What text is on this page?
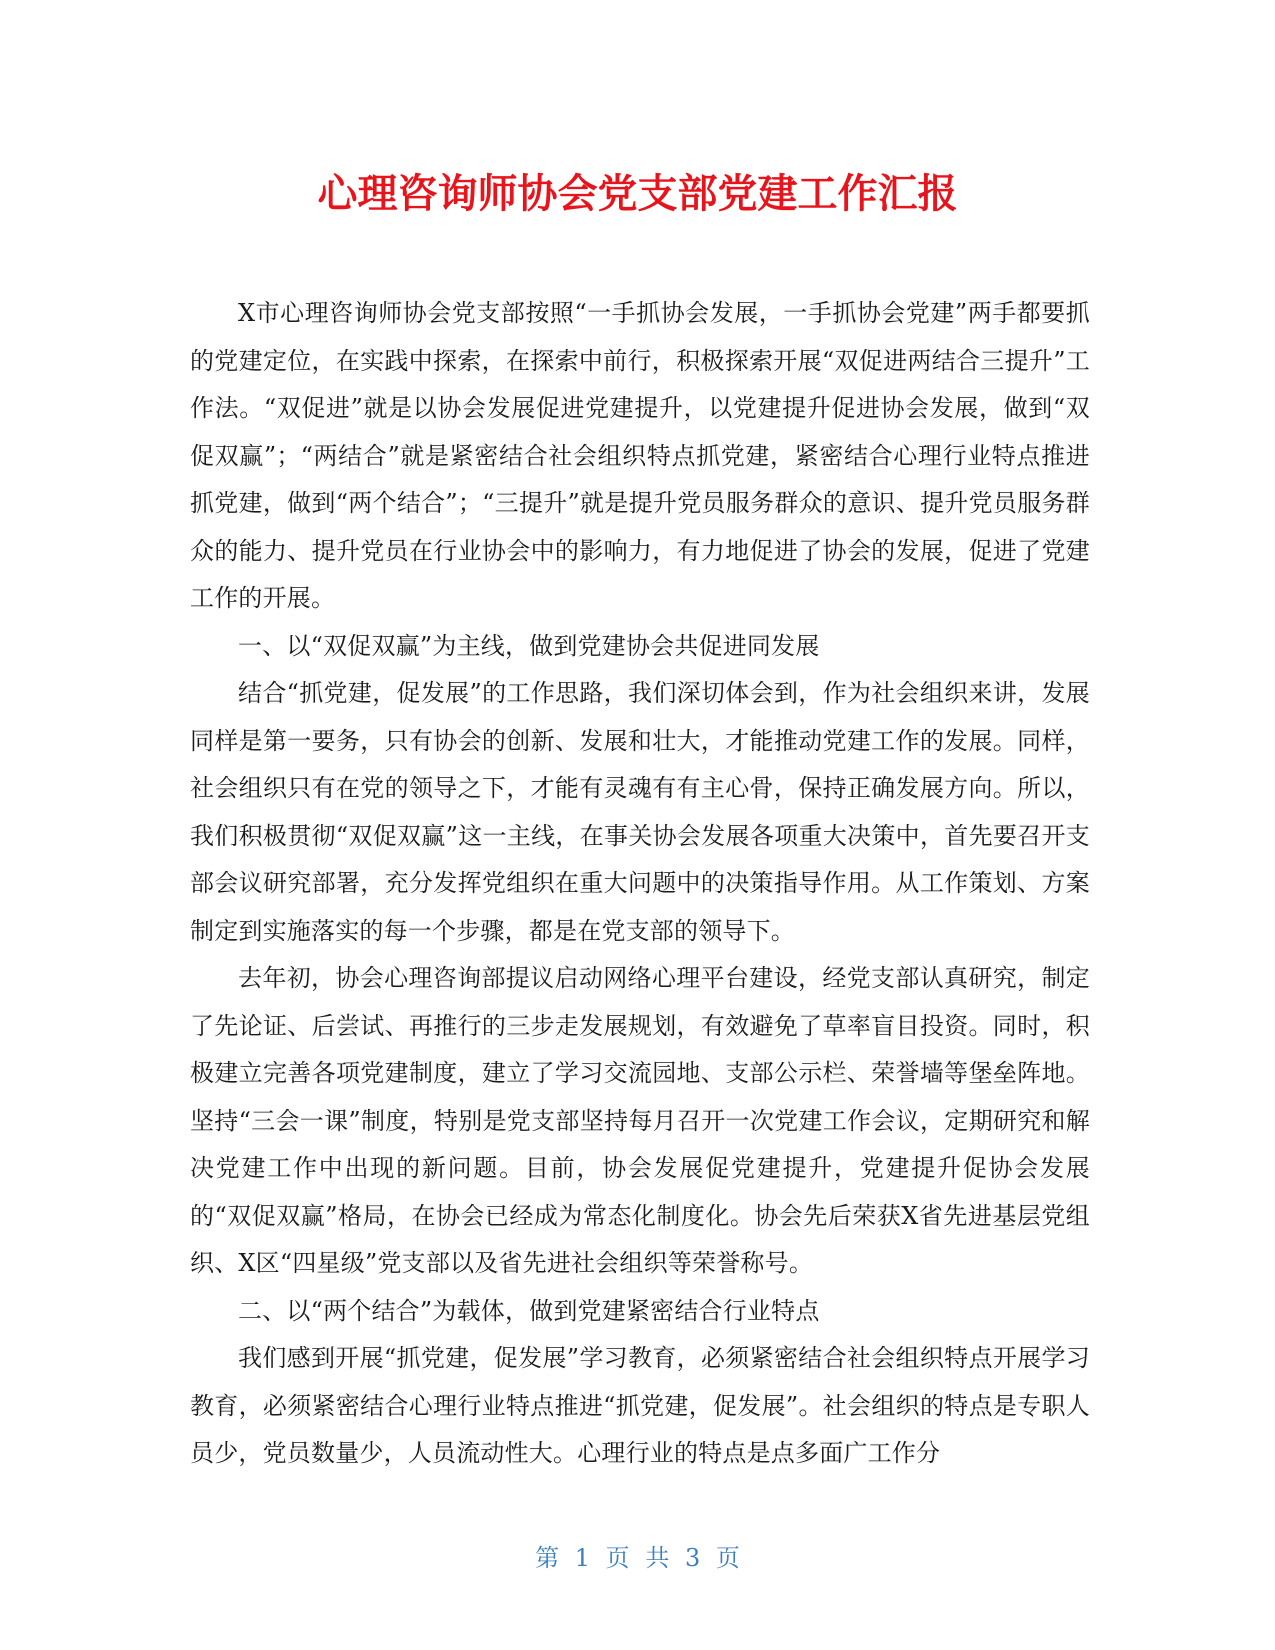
心理咨询师协会党支部党建工作汇报

X市心理咨询师协会党支部按照“一手抓协会发展，一手抓协会党建”两手都要抓的党建定位，在实践中探索，在探索中前行，积极探索开展“双促进两结合三提升”工作法。“双促进”就是以协会发展促进党建提升，以党建提升促进协会发展，做到“双促双赢”；“两结合”就是紧密结合社会组织特点抓党建，紧密结合心理行业特点推进抓党建，做到“两个结合”；“三提升”就是提升党员服务群众的意识、提升党员服务群众的能力、提升党员在行业协会中的影响力，有力地促进了协会的发展，促进了党建工作的开展。

一、以“双促双赢”为主线，做到党建协会共促进同发展

结合“抓党建，促发展”的工作思路，我们深切体会到，作为社会组织来讲，发展同样是第一要务，只有协会的创新、发展和壮大，才能推动党建工作的发展。同样，社会组织只有在党的领导之下，才能有灵魂有有主心骨，保持正确发展方向。所以，我们积极贯彻“双促双赢”这一主线，在事关协会发展各项重大决策中，首先要召开支部会议研究部署，充分发挥党组织在重大问题中的决策指导作用。从工作策划、方案制定到实施落实的每一个步骤，都是在党支部的领导下。

去年初，协会心理咨询部提议启动网络心理平台建设，经党支部认真研究，制定了先论证、后尝试、再推行的三步走发展规划，有效避免了草率盲目投资。同时，积极建立完善各项党建制度，建立了学习交流园地、支部公示栏、荣誉墙等堡垒阵地。坚持“三会一课”制度，特别是党支部坚持每月召开一次党建工作会议，定期研究和解决党建工作中出现的新问题。目前，协会发展促党建提升，党建提升促协会发展的“双促双赢”格局，在协会已经成为常态化制度化。协会先后荣获X省先进基层党组织、X区“四星级”党支部以及省先进社会组织等荣誉称号。

二、以“两个结合”为载体，做到党建紧密结合行业特点

我们感到开展“抓党建，促发展”学习教育，必须紧密结合社会组织特点开展学习教育，必须紧密结合心理行业特点推进“抓党建，促发展”。社会组织的特点是专职人员少，党员数量少，人员流动性大。心理行业的特点是点多面广工作分

第 1 页 共 3 页
